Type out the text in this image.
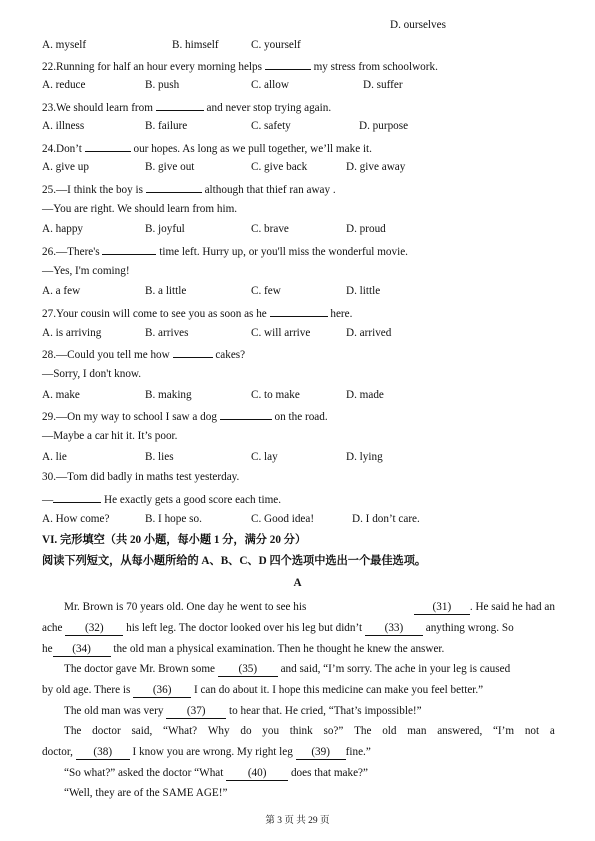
D. ourselves
A. myself	B. himself	C. yourself
22.Running for half an hour every morning helps	my stress from schoolwork.
A. reduce	B. push	C. allow	D. suffer
23.We should learn from	and never stop trying again.
A. illness	B. failure	C. safety	D. purpose
24.Don’t	our hopes. As long as we pull together, we’ll make it.
A. give up	B. give out	C. give back	D. give away
25.—I think the boy is	although that thief ran away .
—You are right. We should learn from him.
A. happy	B. joyful	C. brave	D. proud
26.—There's	time left. Hurry up, or you'll miss the wonderful movie.
—Yes, I'm coming!
A. a few	B. a little	C. few	D. little
27.Your cousin will come to see you as soon as he	here.
A. is arriving	B. arrives	C. will arrive	D. arrived
28.—Could you tell me how	cakes?
—Sorry, I don't know.
A. make	B. making	C. to make	D. made
29.—On my way to school I saw a dog	on the road.
—Maybe a car hit it. It’s poor.
A. lie	B. lies	C. lay	D. lying
30.—Tom did badly in maths test yesterday.
—	He exactly gets a good score each time.
A. How come?	B. I hope so.	C. Good idea!	D. I don’t care.
VI. 完形填空（共 20 小题，每小题 1 分，满分 20 分）
阅读下列短文，从每小题所给的 A、B、C、D 四个选项中选出一个最佳选项。
A
Mr. Brown is 70 years old. One day he went to see his	(31) . He said he had an
ache (32) his left leg. The doctor looked over his leg but didn’t (33) anything wrong. So
he (34) the old man a physical examination. Then he thought he knew the answer.
The doctor gave Mr. Brown some (35) and said, “I’m sorry. The ache in your leg is caused
by old age. There is (36) I can do about it. I hope this medicine can make you feel better.”
The old man was very (37) to hear that. He cried, “That’s impossible!”
The doctor said, “What? Why do you think so?” The old man answered, “I’m not a
doctor, (38) I know you are wrong. My right leg (39) fine.”
“So what?” asked the doctor “What (40) does that make?”
“Well, they are of the SAME AGE!”
第 3 页 共 29 页
